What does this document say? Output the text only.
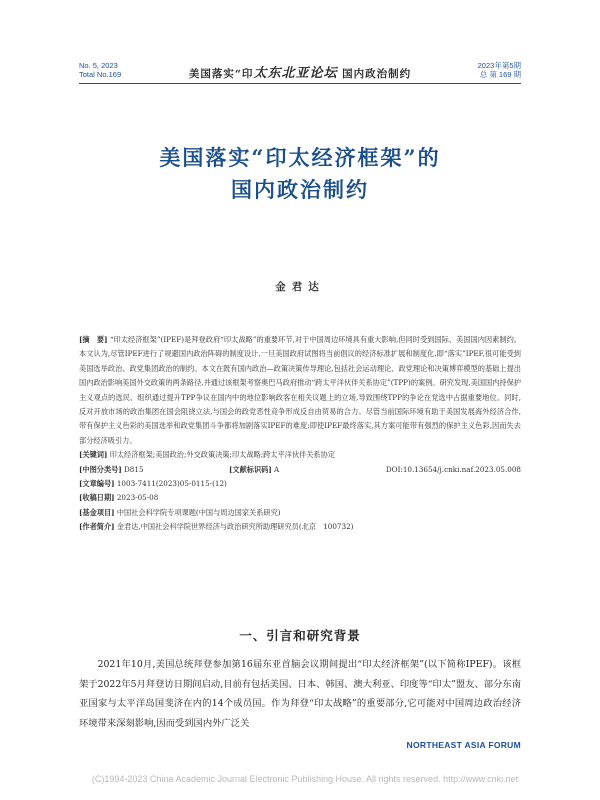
No. 5, 2023
Total No.169	美国落实“印太东北亚论坛 国内政治制约
2023年第5期
总 第 169 期
美国落实“印太经济框架”的
国内政治制约
金君达
[摘　要] “印太经济框架”(IPEF)是拜登政府“印太战略”的重要环节,对于中国周边环境具有重大影响,但同时受到国际、美国国内因素制约。本文认为,尽管IPEF进行了规避国内政治阵碍的制度设计,一旦美国政府试图将当前倡议的经济标准扩展和制度化,即“落实”IPEF,很可能受到美国选举政治、政党集团政治的制约。本文在既有国内政治—政策决策传导理论,包括社会运动理论、政党理论和决策博弈模型的基础上提出国内政治影响美国外交政策的两条路径,并通过该框架考察奥巴马政府推动“跨太平洋伙伴关系协定”(TPP)的案例。研究发现,美国国内持保护主义观点的选民、组织通过提升TPP争议在国内中的地位影响政客在相关议题上的立场,导致围绕TPP的争论在党选中占据重要地位。同时,反对开放市场的政治集团在国会阻挠立法,与国会的政党恶性竞争形成反自由贸易的合力。尽管当前国际环境有助于美国发展海外经济合作,带有保护主义色彩的美国选举和政党集团斗争都将加剧落实IPEF的难度;即使IPEF最终落实,其方案可能带有强烈的保护主义色彩,因而失去部分经济吸引力。
[关键词] 印太经济框架;美国政治;外交政策决策;印太战略;跨太平洋伙伴关系协定
[中图分类号] D815	[文献标识码] A	DOI:10.13654/j.cnki.naf.2023.05.008
[文章编号] 1003-7411(2023)05-0115-(12)
[收稿日期] 2023-05-08
[基金项目] 中国社会科学院专项课题(中国与周边国家关系研究)
[作者简介] 金君达,中国社会科学院世界经济与政治研究所助理研究员(北京　100732)
一、引言和研究背景
2021年10月,美国总统拜登参加第16届东亚首脑会议期间提出“印太经济框架”(以下简称IPEF)。该框架于2022年5月拜登访日期间启动,目前有包括美国、日本、韩国、澳大利亚、印度等“印太”盟友、部分东南亚国家与太平洋岛国斐济在内的14个成员国。作为拜登“印太战略”的重要部分,它可能对中国周边政治经济环境带来深刻影响,因而受到国内外广泛关
NORTHEAST ASIA FORUM
(C)1994-2023 China Academic Journal Electronic Publishing House. All rights reserved. http://www.cnki.net
